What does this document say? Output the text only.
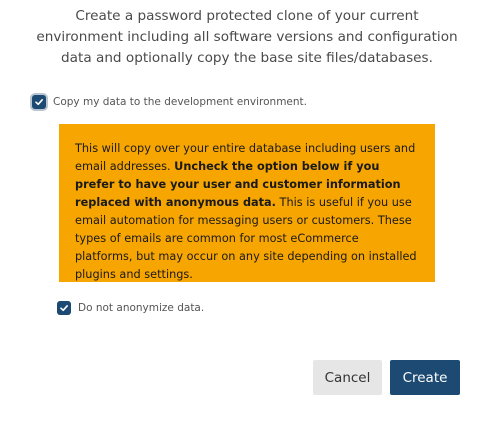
Create a password protected clone of your current environment including all software versions and configuration data and optionally copy the base site files/databases.
Copy my data to the development environment.
This will copy over your entire database including users and email addresses. Uncheck the option below if you prefer to have your user and customer information replaced with anonymous data. This is useful if you use email automation for messaging users or customers. These types of emails are common for most eCommerce platforms, but may occur on any site depending on installed plugins and settings.
Do not anonymize data.
Cancel	Create
